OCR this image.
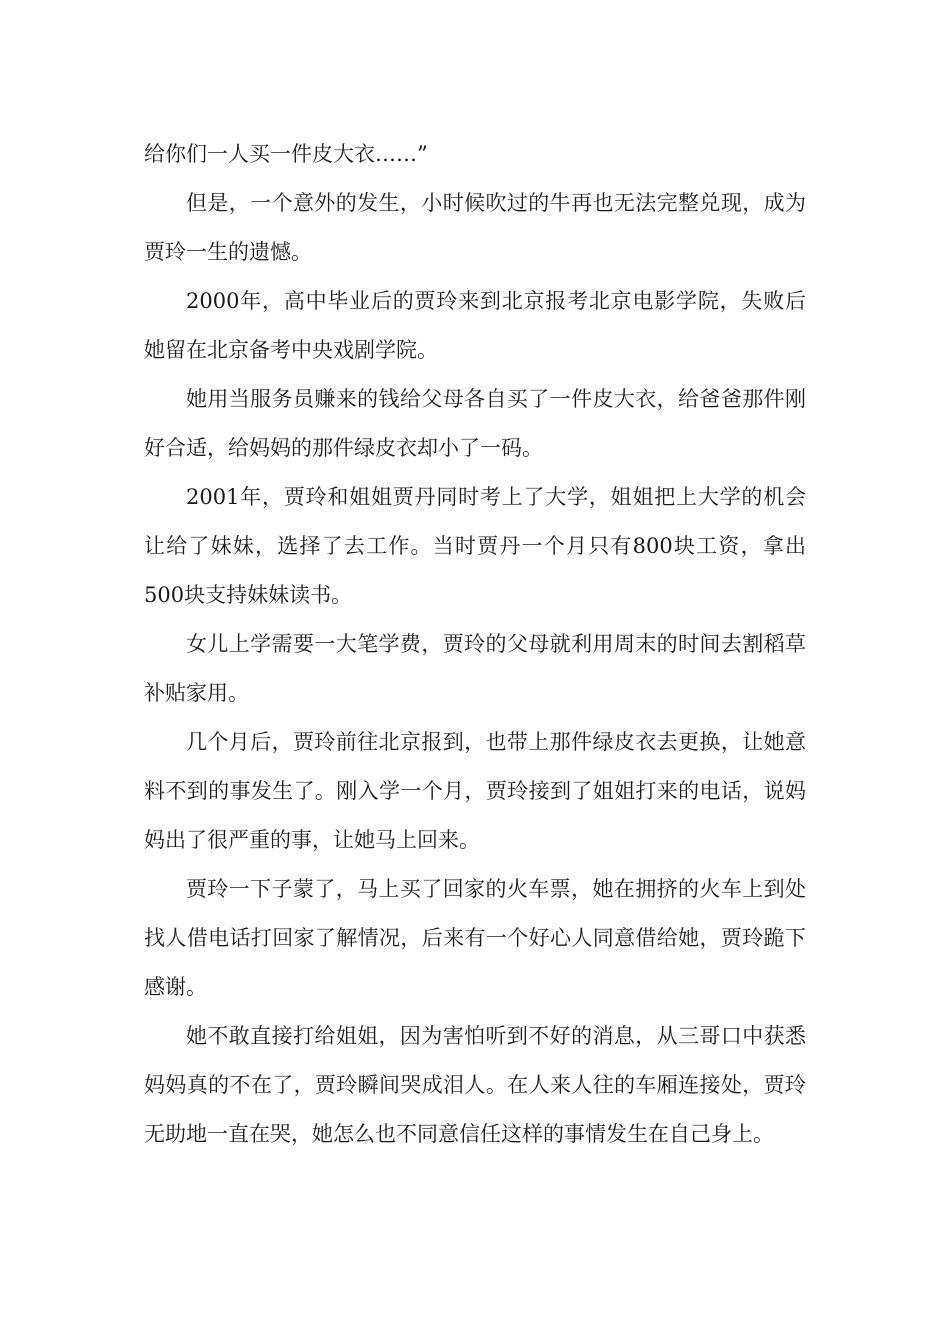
给你们一人买一件皮大衣……”

但是，一个意外的发生，小时候吹过的牛再也无法完整兑现，成为贾玲一生的遗憾。

2000年，高中毕业后的贾玲来到北京报考北京电影学院，失败后她留在北京备考中央戏剧学院。

她用当服务员赚来的钱给父母各自买了一件皮大衣，给爸爸那件刚好合适，给妈妈的那件绿皮衣却小了一码。

2001年，贾玲和姐姐贾丹同时考上了大学，姐姐把上大学的机会让给了妹妹，选择了去工作。当时贾丹一个月只有800块工资，拿出500块支持妹妹读书。

女儿上学需要一大笔学费，贾玲的父母就利用周末的时间去割稻草补贴家用。

几个月后，贾玲前往北京报到，也带上那件绿皮衣去更换，让她意料不到的事发生了。刚入学一个月，贾玲接到了姐姐打来的电话，说妈妈出了很严重的事，让她马上回来。

贾玲一下子蒙了，马上买了回家的火车票，她在拥挤的火车上到处找人借电话打回家了解情况，后来有一个好心人同意借给她，贾玲跪下感谢。

她不敢直接打给姐姐，因为害怕听到不好的消息，从三哥口中获悉妈妈真的不在了，贾玲瞬间哭成泪人。在人来人往的车厢连接处，贾玲无助地一直在哭，她怎么也不同意信任这样的事情发生在自己身上。
